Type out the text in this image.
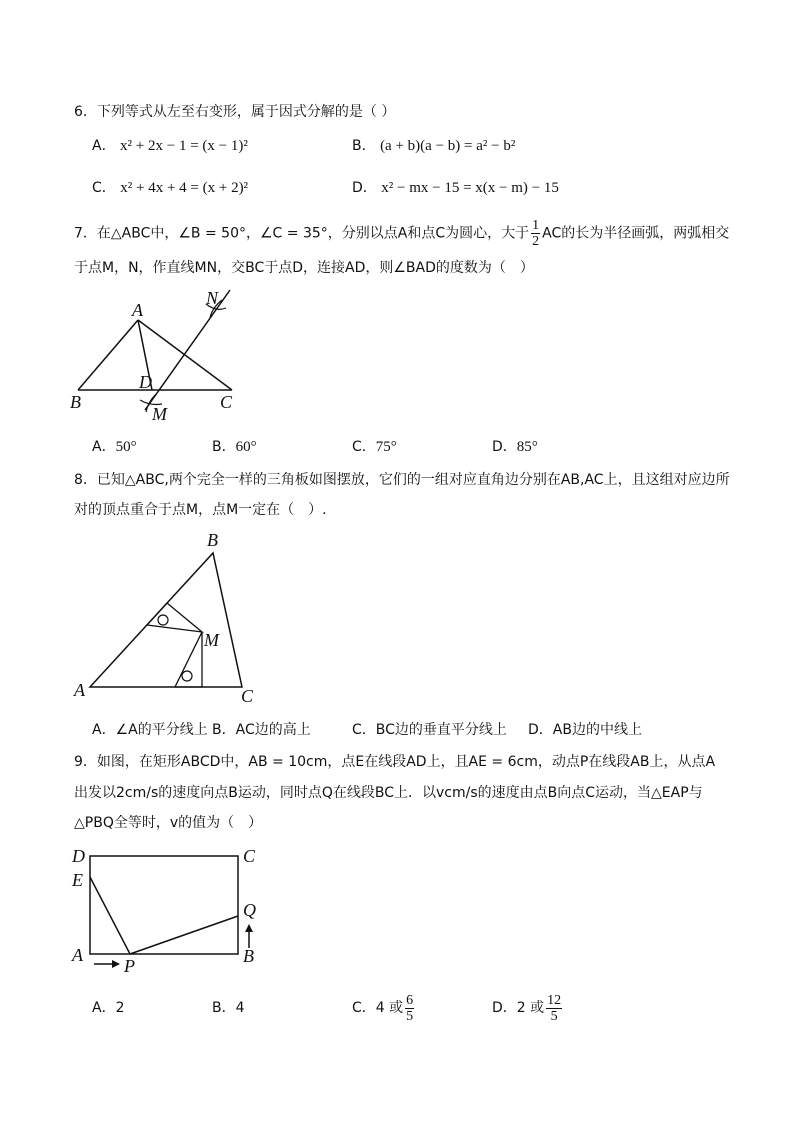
6．下列等式从左至右变形，属于因式分解的是（ ）
A． x² + 2x − 1 = (x − 1)²	B． (a + b)(a − b) = a² − b²
C． x² + 4x + 4 = (x + 2)²	D． x² − mx − 15 = x(x − m) − 15
7．在△ABC中，∠B = 50°，∠C = 35°，分别以点A和点C为圆心，大于 $\frac{1}{2}$ AC的长为半径画弧，两弧相交
于点M，N，作直线MN，交BC于点D，连接AD，则∠BAD的度数为（　）
A
B	C
D
M
N
A．50°	B．60°	C．75°	D．85°
8．已知△ABC,两个完全一样的三角板如图摆放，它们的一组对应直角边分别在AB,AC上，且这组对应边所
对的顶点重合于点M，点M一定在（　）.
A
B
C
M
A．∠A的平分线上 B．AC边的高上	C．BC边的垂直平分线上 D．AB边的中线上
9．如图，在矩形ABCD中，AB = 10cm，点E在线段AD上，且AE = 6cm，动点P在线段AB上，从点A
出发以2cm/s的速度向点B运动，同时点Q在线段BC上．以vcm/s的速度由点B向点C运动，当△EAP与
△PBQ全等时，v的值为（　）
D
E
A
P	B
C
Q
A．2	B．4	C．4 或 $\frac{6}{5}$	D．2 或 $\frac{12}{5}$
